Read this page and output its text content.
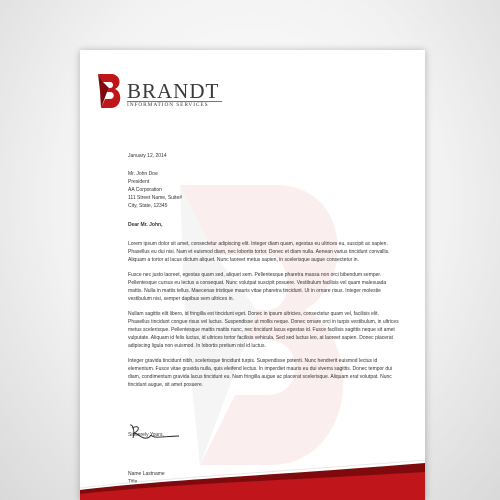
BRANDT

INFORMATION SERVICES

January 12, 2014
Mr. John Doe
President
AA Corporation
111 Street Name, Suite#
City, State, 12345
Dear Mr. John,

Lorem ipsum dolor sit amet, consectetur adipiscing elit. Integer diam quam, egestas eu ultrices eu, suscipit ac sapien. Phasellus eu dui nisi. Nam et euismod diam, nec lobortis tortor. Donec et diam nulla. Aenean varius tincidunt convallis. Aliquam a tortor at lacus dictum aliquet. Nunc laoreet metus sapien, in scelerisque augue consectetur in.

Fusce nec justo laoreet, egestas quam sed, aliquet sem. Pellentesque pharetra massa non orci bibendum semper. Pellentesque cursus eu lectus a consequat. Nunc volutpat suscipit posuere. Vestibulum facilisis vel quam malesuada mattis. Nulla in mattis tellus. Maecenas tristique mauris vitae pharetra tincidunt. Ut in ornare risus. Integer molestie vestibulum nisi, semper dapibus sem ultrices in.

Nullam sagittis elit libero, id fringilla est tincidunt eget. Donec in ipsum ultricies, consectetur quam vel, facilisis elit. Phasellus tincidunt congue risus vel luctus. Suspendisse ut mollis neque. Donec ornare orci in turpis vestibulum, in ultrices metus scelerisque. Pellentesque mattis mattis nunc, nec tincidunt lacus egestas id. Fusce facilisis sagittis neque sit amet vulputate. Aliquam id felis luctus, id ultrices tortor facilisis vehicula. Sed sed luctus leo, at laoreet sapien. Donec placerat adipiscing ligula non euismod. In lobortis pretium nisl id luctus.

Integer gravida tincidunt nibh, scelerisque tincidunt turpis. Suspendisse potenti. Nunc hendrerit euismod lectus id elementum. Fusce vitae gravida nulla, quis eleifend lectus. In imperdiet mauris eu dui viverra sagittis. Donec tempor dui diam, condimentum gravida lacus tincidunt eu. Nam fringilla augue ac placerat scelerisque. Aliquam erat volutpat. Nunc tincidunt augue, sit amet posuere.

Sincerely Yours,
Name Lastname
Title
